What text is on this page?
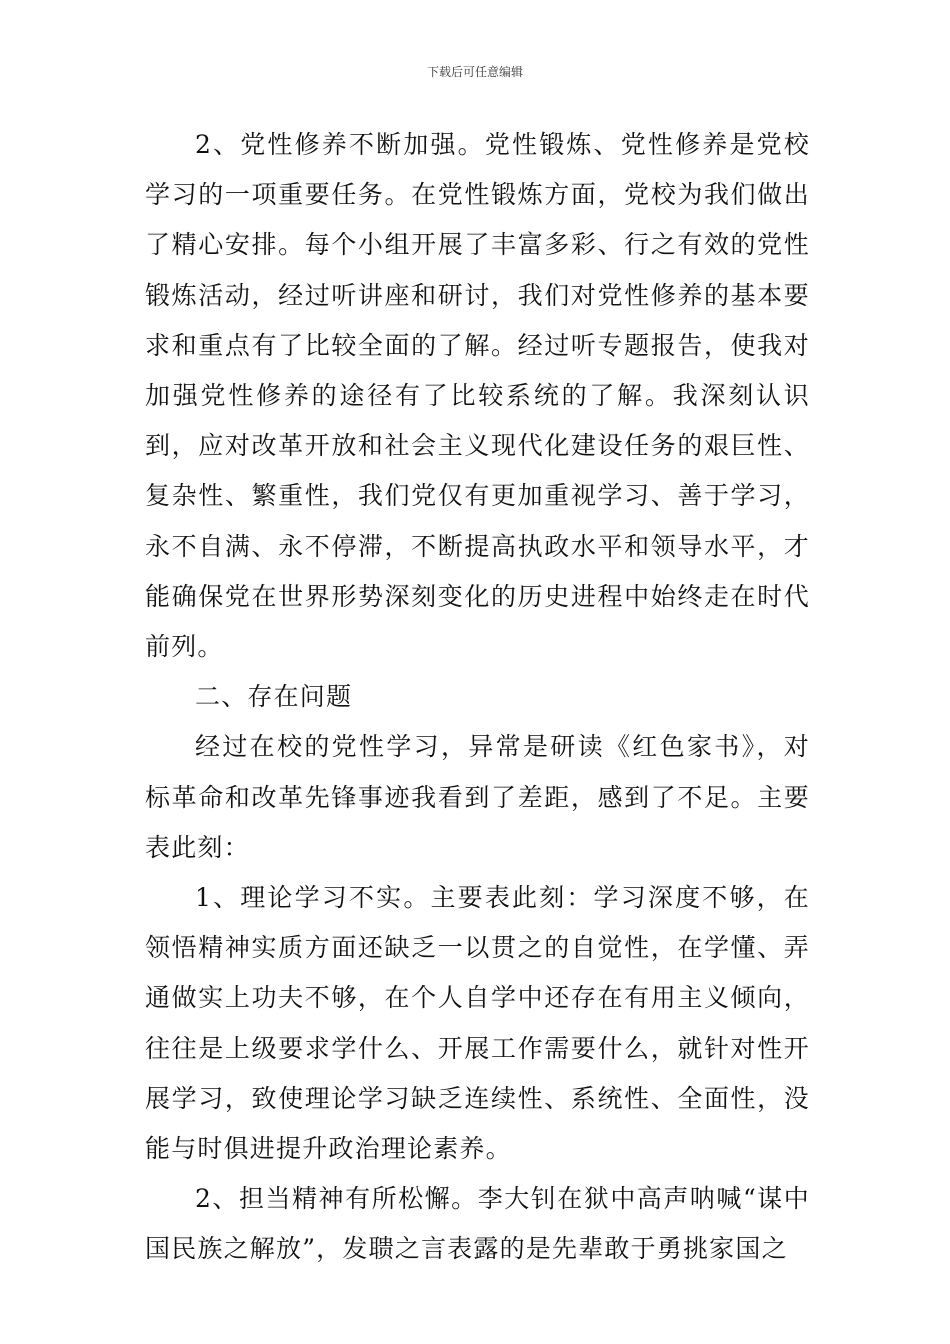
下载后可任意编辑

2、党性修养不断加强。党性锻炼、党性修养是党校学习的一项重要任务。在党性锻炼方面，党校为我们做出了精心安排。每个小组开展了丰富多彩、行之有效的党性锻炼活动，经过听讲座和研讨，我们对党性修养的基本要求和重点有了比较全面的了解。经过听专题报告，使我对加强党性修养的途径有了比较系统的了解。我深刻认识到，应对改革开放和社会主义现代化建设任务的艰巨性、复杂性、繁重性，我们党仅有更加重视学习、善于学习，永不自满、永不停滞，不断提高执政水平和领导水平，才能确保党在世界形势深刻变化的历史进程中始终走在时代前列。

二、存在问题

经过在校的党性学习，异常是研读《红色家书》，对标革命和改革先锋事迹我看到了差距，感到了不足。主要表此刻：

1、理论学习不实。主要表此刻：学习深度不够，在领悟精神实质方面还缺乏一以贯之的自觉性，在学懂、弄通做实上功夫不够，在个人自学中还存在有用主义倾向，往往是上级要求学什么、开展工作需要什么，就针对性开展学习，致使理论学习缺乏连续性、系统性、全面性，没能与时俱进提升政治理论素养。

2、担当精神有所松懈。李大钊在狱中高声呐喊“谋中国民族之解放”，发聩之言表露的是先辈敢于勇挑家国之
